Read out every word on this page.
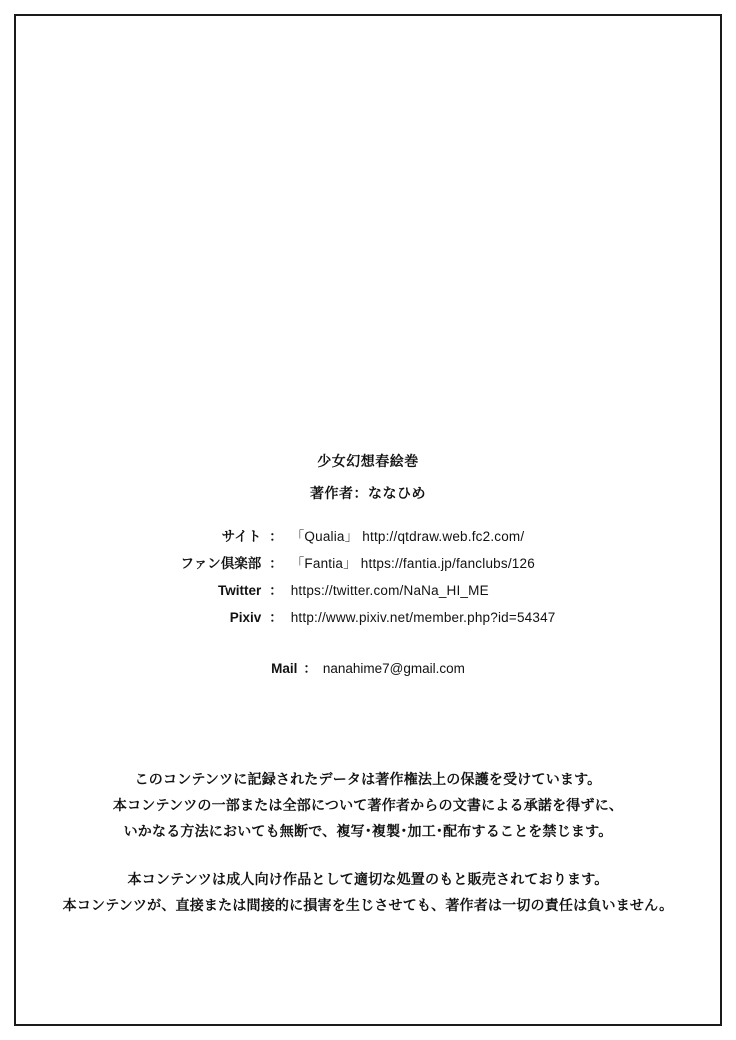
少女幻想春絵巻
著作者：ななひめ
サイト	：	「Qualia」 http://qtdraw.web.fc2.com/
ファン倶楽部	：	「Fantia」 https://fantia.jp/fanclubs/126
Twitter	：	https://twitter.com/NaNa_HI_ME
Pixiv	：	http://www.pixiv.net/member.php?id=54347
Mail ： nanahime7@gmail.com

このコンテンツに記録されたデータは著作権法上の保護を受けています。

本コンテンツの一部または全部について著作者からの文書による承諾を得ずに、

いかなる方法においても無断で、複写･複製･加工･配布することを禁じます。

本コンテンツは成人向け作品として適切な処置のもと販売されております。

本コンテンツが、直接または間接的に損害を生じさせても、著作者は一切の責任は負いません。
